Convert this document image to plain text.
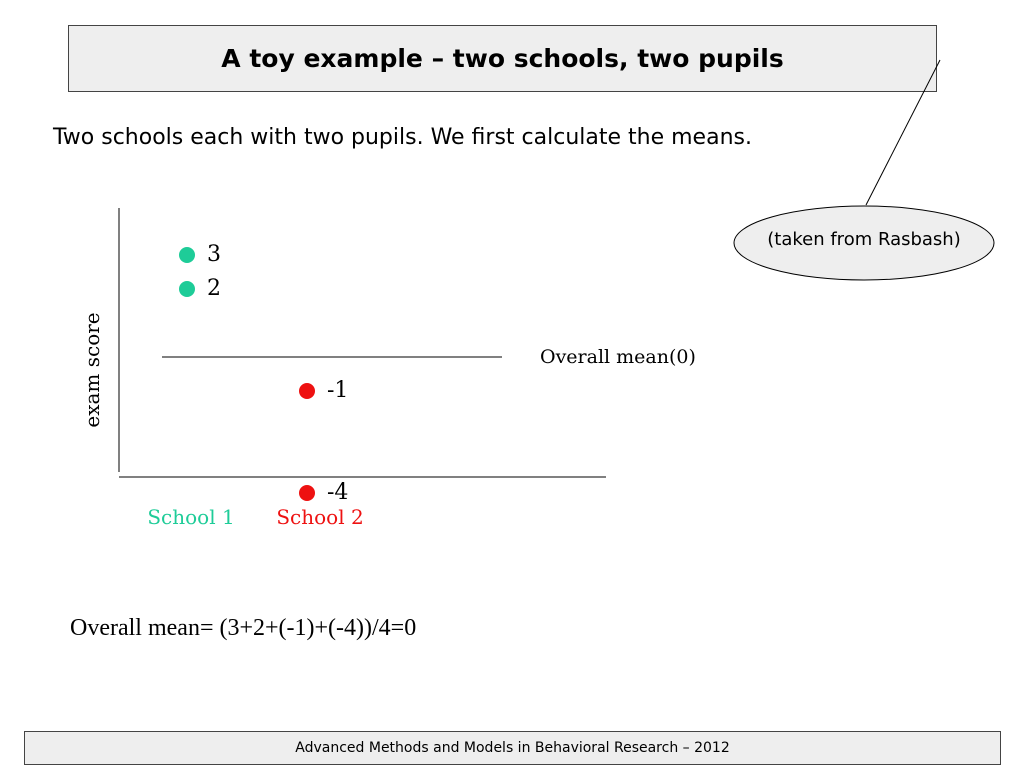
A toy example – two schools, two pupils
Two schools each with two pupils. We first calculate the means.
Overall mean(0)
exam score
School 1 School 2
3
2
-1
-4
(taken from Rasbash)
Overall mean= (3+2+(-1)+(-4))/4=0
Advanced Methods and Models in Behavioral Research – 2012
